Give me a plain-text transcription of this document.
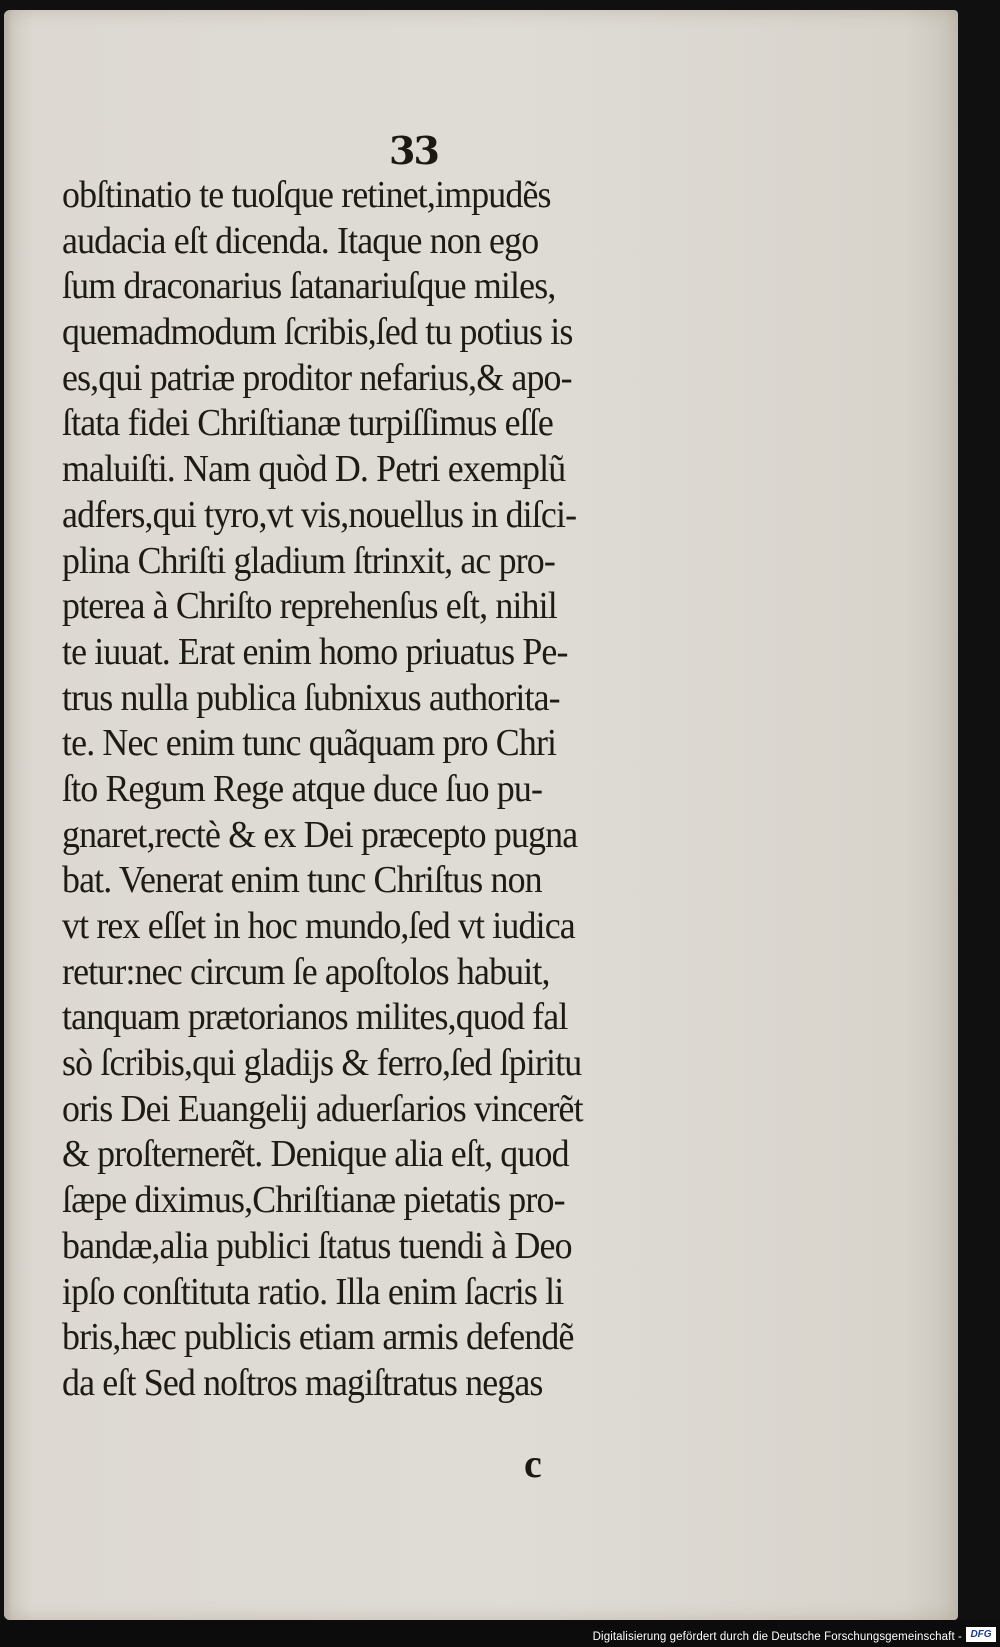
33
obſtinatio te tuoſque retinet,impudẽs
audacia eſt dicenda. Itaque non ego
ſum draconarius ſatanariuſque miles,
quemadmodum ſcribis,ſed tu potius is
es,qui patriæ proditor nefarius,& apo-
ſtata fidei Chriſtianæ turpiſſimus eſſe
maluiſti. Nam quòd D. Petri exemplũ
adfers,qui tyro,vt vis,nouellus in diſci-
plina Chriſti gladium ſtrinxit, ac pro-
pterea à Chriſto reprehenſus eſt, nihil
te iuuat. Erat enim homo priuatus Pe-
trus nulla publica ſubnixus authorita-
te. Nec enim tunc quãquam pro Chri
ſto Regum Rege atque duce ſuo pu-
gnaret,rectè & ex Dei præcepto pugna
bat. Venerat enim tunc Chriſtus non
vt rex eſſet in hoc mundo,ſed vt iudica
retur:nec circum ſe apoſtolos habuit,
tanquam prætorianos milites,quod fal
sò ſcribis,qui gladijs & ferro,ſed ſpiritu
oris Dei Euangelij aduerſarios vincerẽt
& proſternerẽt. Denique alia eſt, quod
ſæpe diximus,Chriſtianæ pietatis pro-
bandæ,alia publici ſtatus tuendi à Deo
ipſo conſtituta ratio. Illa enim ſacris li
bris,hæc publicis etiam armis defendẽ
da eſt Sed noſtros magiſtratus negas
c
Digitalisierung gefördert durch die Deutsche Forschungsgemeinschaft - DFG
